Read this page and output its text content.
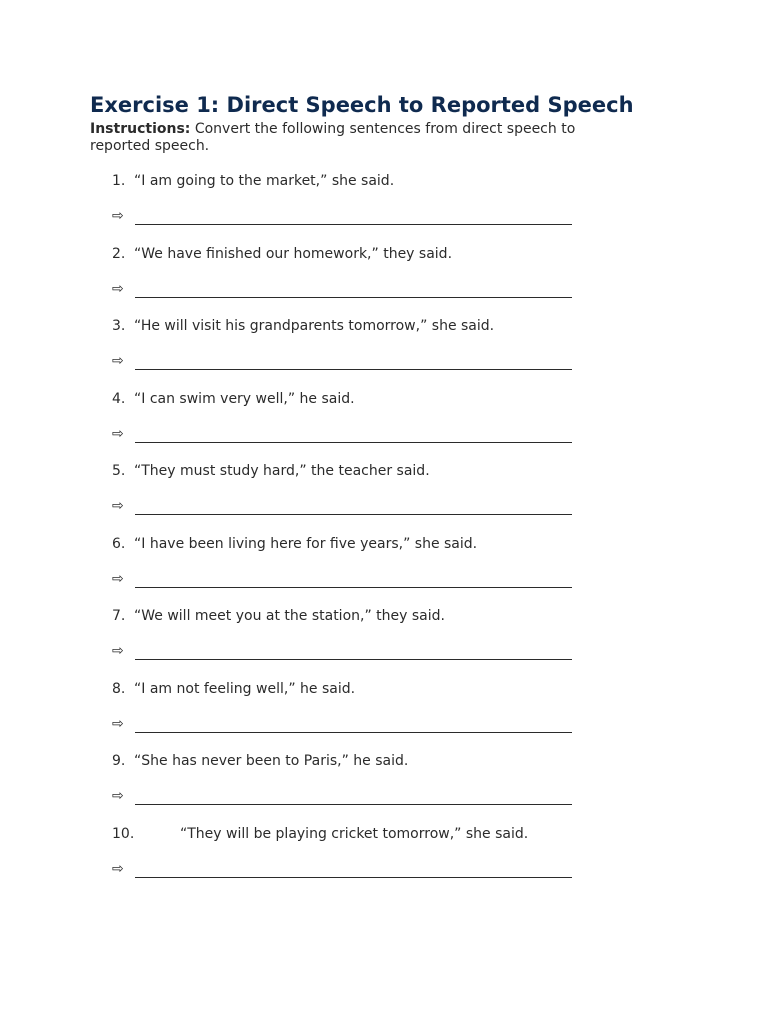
Exercise 1: Direct Speech to Reported Speech

Instructions: Convert the following sentences from direct speech to reported speech.

1. “I am going to the market,” she said.
⇨
2. “We have finished our homework,” they said.
⇨
3. “He will visit his grandparents tomorrow,” she said.
⇨
4. “I can swim very well,” he said.
⇨
5. “They must study hard,” the teacher said.
⇨
6. “I have been living here for five years,” she said.
⇨
7. “We will meet you at the station,” they said.
⇨
8. “I am not feeling well,” he said.
⇨
9. “She has never been to Paris,” he said.
⇨
10.	“They will be playing cricket tomorrow,” she said.
⇨
